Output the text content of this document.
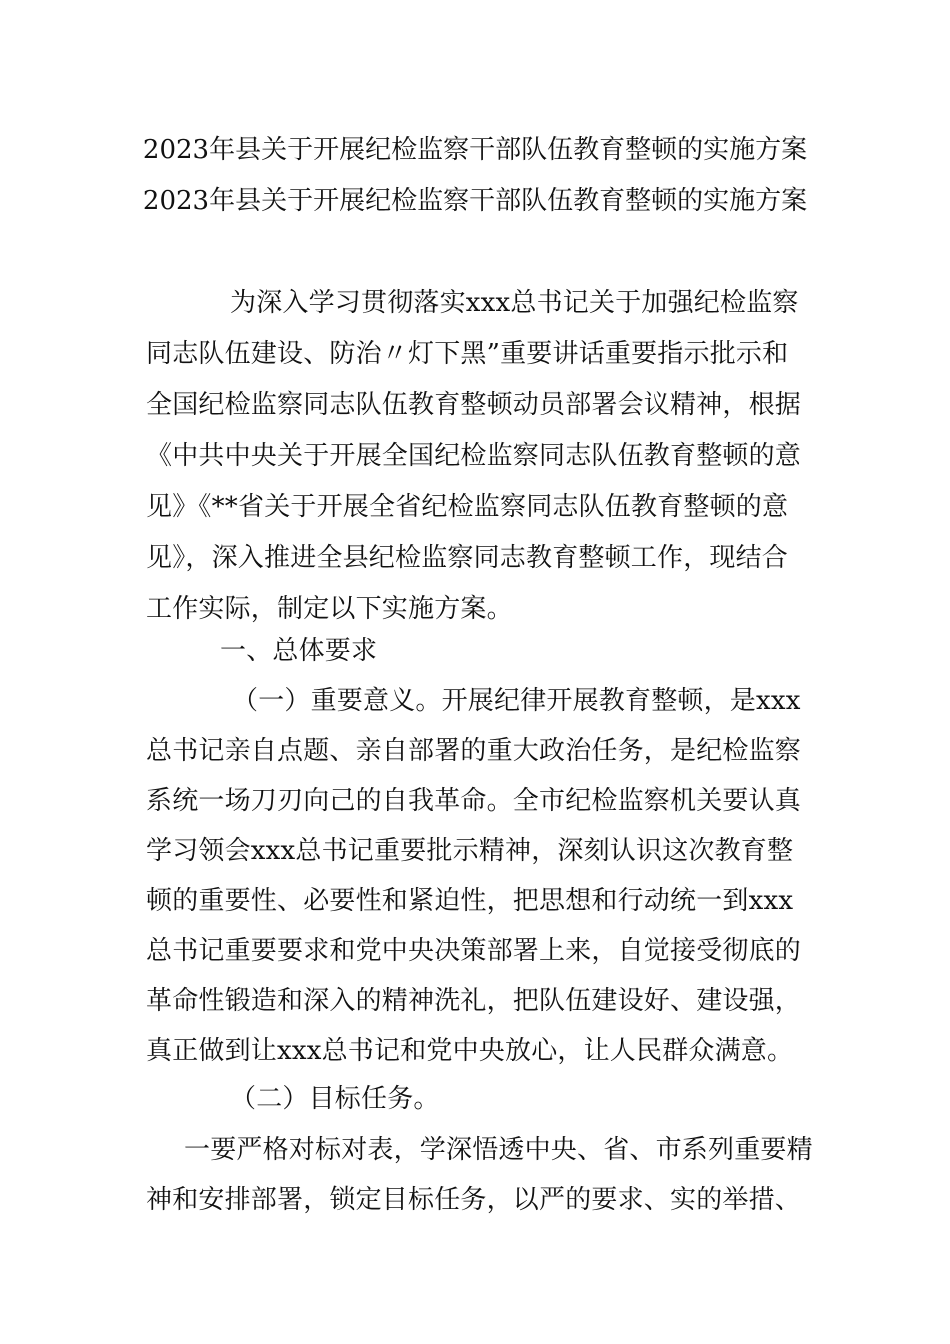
2023年县关于开展纪检监察干部队伍教育整顿的实施方案
2023年县关于开展纪检监察干部队伍教育整顿的实施方案
为深入学习贯彻落实xxx总书记关于加强纪检监察
同志队伍建设、防治〃灯下黑”重要讲话重要指示批示和
全国纪检监察同志队伍教育整顿动员部署会议精神，根据
《中共中央关于开展全国纪检监察同志队伍教育整顿的意
见》《**省关于开展全省纪检监察同志队伍教育整顿的意
见》，深入推进全县纪检监察同志教育整顿工作，现结合
工作实际，制定以下实施方案。
一、总体要求
（一）重要意义。开展纪律开展教育整顿，是xxx
总书记亲自点题、亲自部署的重大政治任务，是纪检监察
系统一场刀刃向己的自我革命。全市纪检监察机关要认真
学习领会xxx总书记重要批示精神，深刻认识这次教育整
顿的重要性、必要性和紧迫性，把思想和行动统一到xxx
总书记重要要求和党中央决策部署上来，自觉接受彻底的
革命性锻造和深入的精神洗礼，把队伍建设好、建设强，
真正做到让xxx总书记和党中央放心，让人民群众满意。
（二）目标任务。
一要严格对标对表，学深悟透中央、省、市系列重要精
神和安排部署，锁定目标任务，以严的要求、实的举措、
